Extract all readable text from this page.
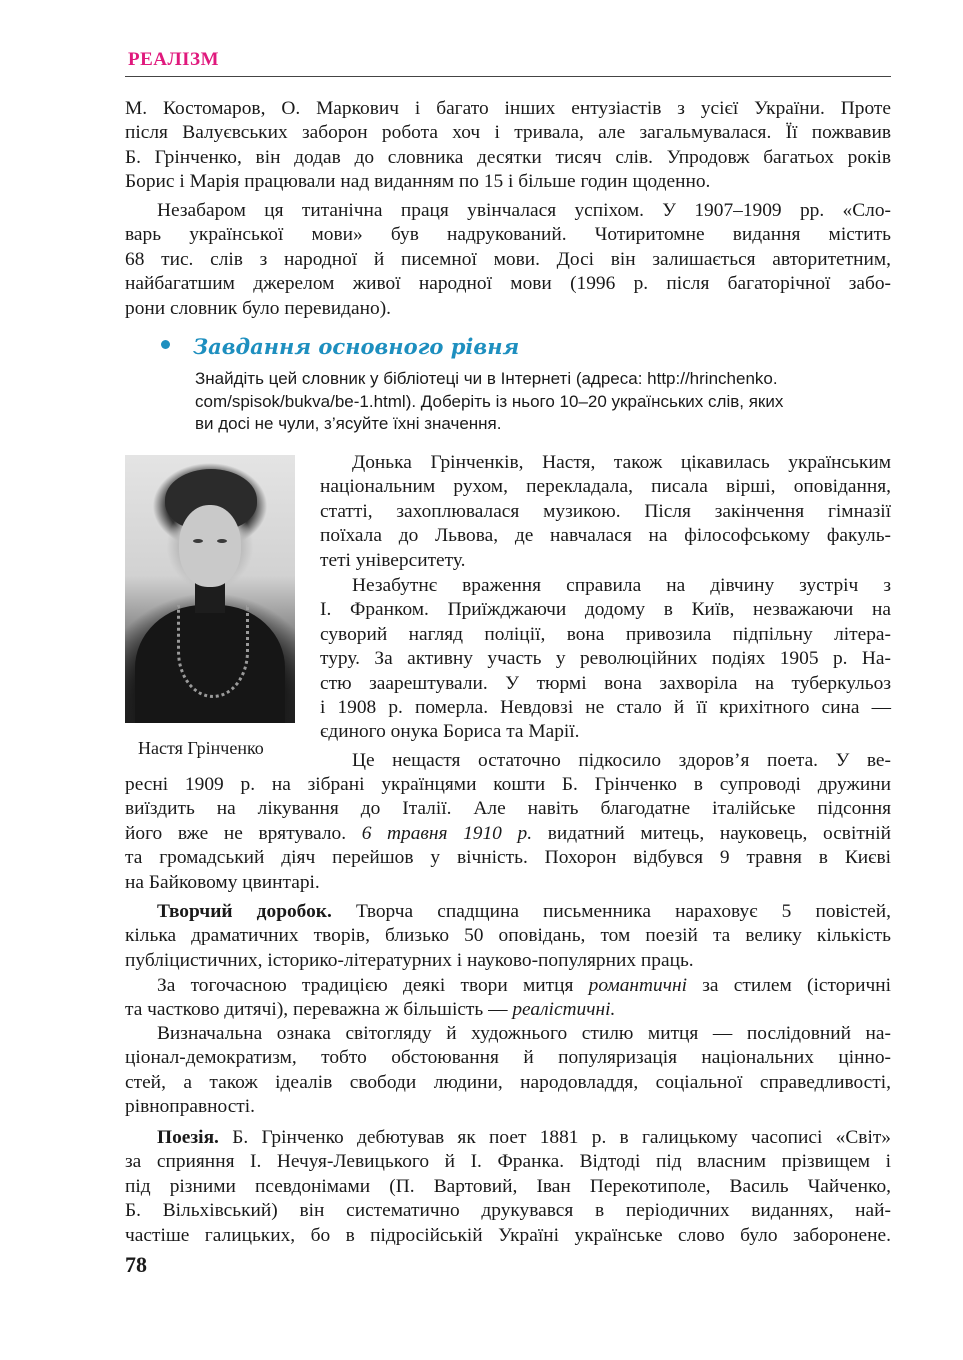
РЕАЛІЗМ

М. Костомаров, О. Маркович і багато інших ентузіастів з усієї України. Проте

після Валуєвських заборон робота хоч і тривала, але загальмувалася. Її пожвавив

Б. Грінченко, він додав до словника десятки тисяч слів. Упродовж багатьох років

Борис і Марія працювали над виданням по 15 і більше годин щоденно.

Незабаром ця титанічна праця увінчалася успіхом. У 1907–1909 рр. «Сло-

варь української мови» був надрукований. Чотиритомне видання містить

68 тис. слів з народної й писемної мови. Досі він залишається авторитетним,

найбагатшим джерелом живої народної мови (1996 р. після багаторічної забо-

рони словник було перевидано).

Завдання основного рівня
Знайдіть цей словник у бібліотеці чи в Інтернеті (адреса: http://hrinchenko.
com/spisok/bukva/be-1.html). Доберіть із нього 10–20 українських слів, яких
ви досі не чули, з’ясуйте їхні значення.
Настя Грінченко

Донька Грінченків, Настя, також цікавилась українським

національним рухом, перекладала, писала вірші, оповідання,

статті, захоплювалася музикою. Після закінчення гімназії

поїхала до Львова, де навчалася на філософському факуль-

теті університету.

Незабутнє враження справила на дівчину зустріч з

І. Франком. Приїжджаючи додому в Київ, незважаючи на

суворий нагляд поліції, вона привозила підпільну літера-

туру. За активну участь у революційних подіях 1905 р. На-

стю заарештували. У тюрмі вона захворіла на туберкульоз

і 1908 р. померла. Невдовзі не стало й її крихітного сина —

єдиного онука Бориса та Марії.

Це нещастя остаточно підкосило здоров’я поета. У ве-

ресні 1909 р. на зібрані українцями кошти Б. Грінченко в супроводі дружини

виїздить на лікування до Італії. Але навіть благодатне італійське підсоння

його вже не врятувало. 6 травня 1910 р. видатний митець, науковець, освітній

та громадський діяч перейшов у вічність. Похорон відбувся 9 травня в Києві

на Байковому цвинтарі.

Творчий доробок. Творча спадщина письменника нараховує 5 повістей,

кілька драматичних творів, близько 50 оповідань, том поезій та велику кількість

публіцистичних, історико-літературних і науково-популярних праць.

За тогочасною традицією деякі твори митця романтичні за стилем (історичні

та частково дитячі), переважна ж більшість — реалістичні.

Визначальна ознака світогляду й художнього стилю митця — послідовний на-

ціонал-демократизм, тобто обстоювання й популяризація національних цінно-

стей, а також ідеалів свободи людини, народовладдя, соціальної справедливості,

рівноправності.

Поезія. Б. Грінченко дебютував як поет 1881 р. в галицькому часописі «Світ»

за сприяння І. Нечуя-Левицького й І. Франка. Відтоді під власним прізвищем і

під різними псевдонімами (П. Вартовий, Іван Перекотиполе, Василь Чайченко,

Б. Вільхівський) він систематично друкувався в періодичних виданнях, най-

частіше галицьких, бо в підросійській Україні українське слово було заборонене.

78
